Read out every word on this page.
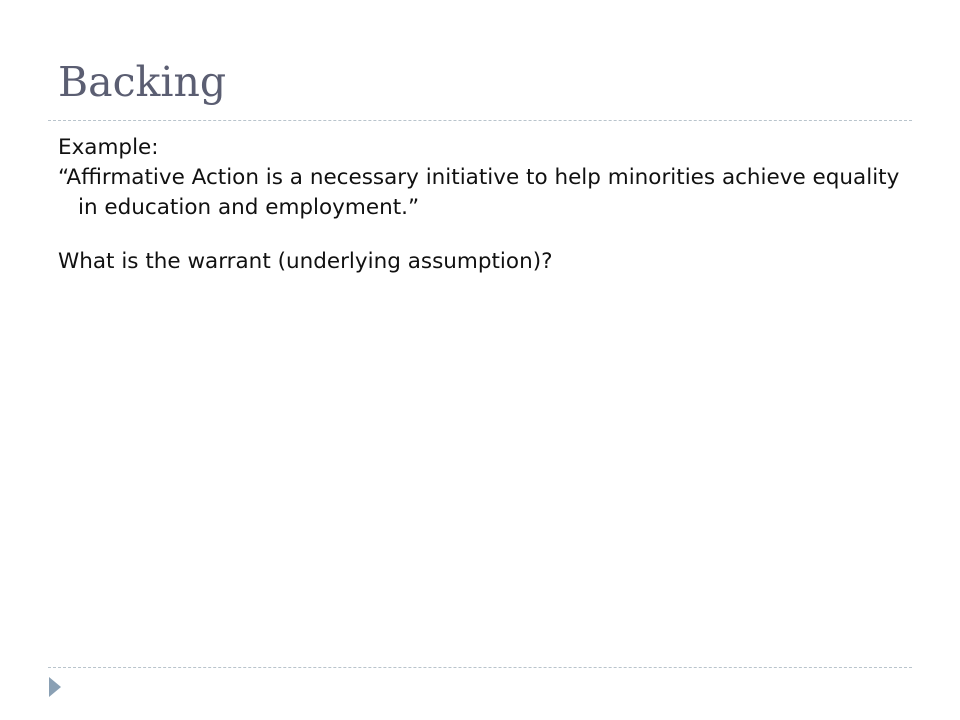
Backing

Example:

“Affirmative Action is a necessary initiative to help minorities achieve equality in education and employment.”

What is the warrant (underlying assumption)?
